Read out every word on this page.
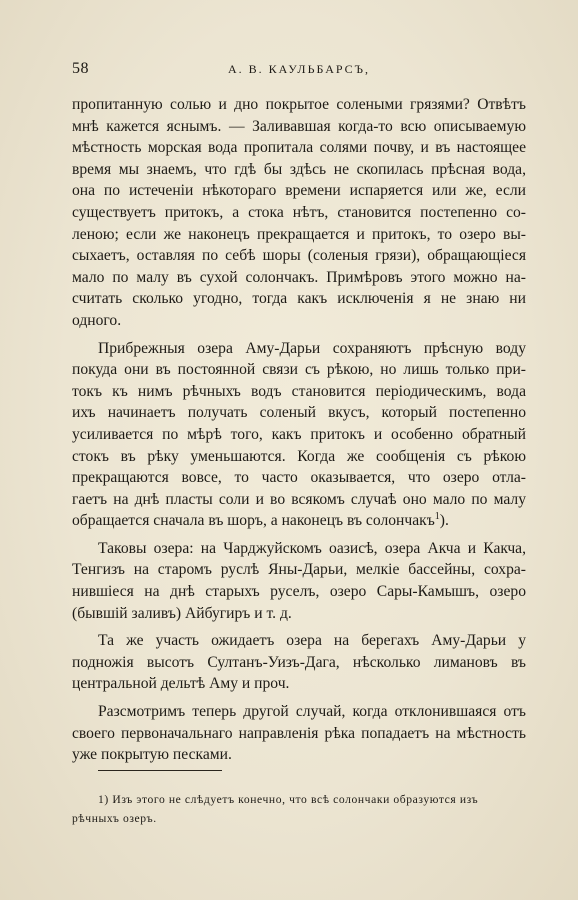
58	А. В. КАУЛЬБАРСЪ,
пропитанную солью и дно покрытое солеными грязями? Отвѣтъ
мнѣ кажется яснымъ. — Заливавшая когда-то всю описываемую
мѣстность морская вода пропитала солями почву, и въ настоящее
время мы знаемъ, что гдѣ бы здѣсь не скопилась прѣсная вода,
она по истеченіи нѣкотораго времени испаряется или же, если
существуетъ притокъ, а стока нѣтъ, становится постепенно со-
леною; если же наконецъ прекращается и притокъ, то озеро вы-
сыхаетъ, оставляя по себѣ шоры (соленыя грязи), обращающіеся
мало по малу въ сухой солончакъ. Примѣровъ этого можно на-
считать сколько угодно, тогда какъ исключенія я не знаю ни
одного.
Прибрежныя озера Аму-Дарьи сохраняютъ прѣсную воду
покуда они въ постоянной связи съ рѣкою, но лишь только при-
токъ къ нимъ рѣчныхъ водъ становится періодическимъ, вода
ихъ начинаетъ получать соленый вкусъ, который постепенно
усиливается по мѣрѣ того, какъ притокъ и особенно обратный
стокъ въ рѣку уменьшаются. Когда же сообщенія съ рѣкою
прекращаются вовсе, то часто оказывается, что озеро отла-
гаетъ на днѣ пласты соли и во всякомъ случаѣ оно мало по малу
обращается сначала въ шоръ, а наконецъ въ солончакъ$^1$).
Таковы озера: на Чарджуйскомъ оазисѣ, озера Акча и Какча,
Тенгизъ на старомъ руслѣ Яны-Дарьи, мелкіе бассейны, сохра-
нившіеся на днѣ старыхъ руселъ, озеро Сары-Камышъ, озеро
(бывшій заливъ) Айбугиръ и т. д.
Та же участь ожидаетъ озера на берегахъ Аму-Дарьи у
подножія высотъ Султанъ-Уизъ-Дага, нѣсколько лимановъ въ
центральной дельтѣ Аму и проч.
Разсмотримъ теперь другой случай, когда отклонившаяся отъ
своего первоначальнаго направленія рѣка попадаетъ на мѣстность
уже покрытую песками.
1) Изъ этого не слѣдуетъ конечно, что всѣ солончаки образуются изъ
рѣчныхъ озеръ.
